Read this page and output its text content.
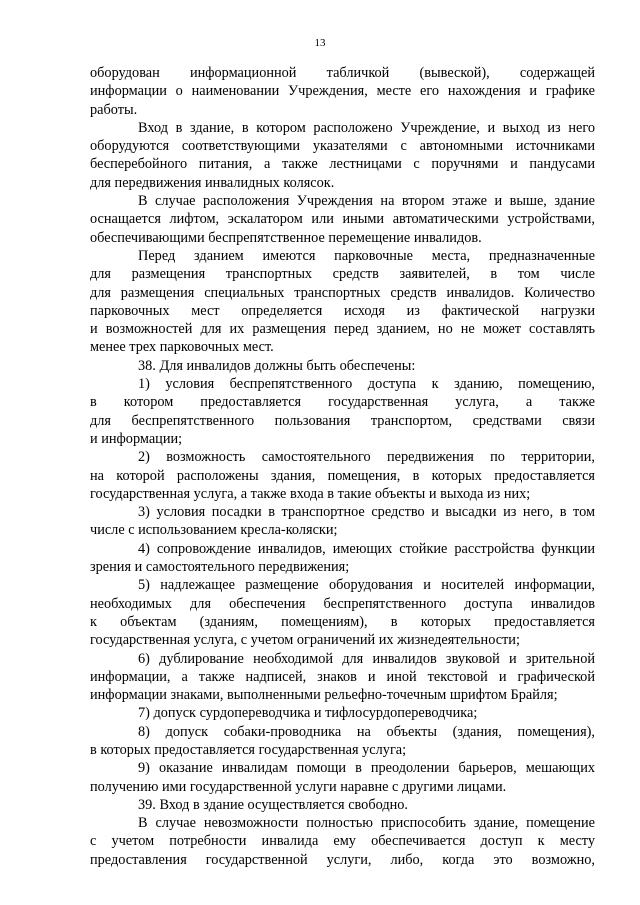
13
оборудован информационной табличкой (вывеской), содержащей
информации о наименовании Учреждения, месте его нахождения и графике
работы.
Вход в здание, в котором расположено Учреждение, и выход из него
оборудуются соответствующими указателями с автономными источниками
бесперебойного питания, а также лестницами с поручнями и пандусами
для передвижения инвалидных колясок.
В случае расположения Учреждения на втором этаже и выше, здание
оснащается лифтом, эскалатором или иными автоматическими устройствами,
обеспечивающими беспрепятственное перемещение инвалидов.
Перед зданием имеются парковочные места, предназначенные
для размещения транспортных средств заявителей, в том числе
для размещения специальных транспортных средств инвалидов. Количество
парковочных мест определяется исходя из фактической нагрузки
и возможностей для их размещения перед зданием, но не может составлять
менее трех парковочных мест.
38. Для инвалидов должны быть обеспечены:
1) условия беспрепятственного доступа к зданию, помещению,
в котором предоставляется государственная услуга, а также
для беспрепятственного пользования транспортом, средствами связи
и информации;
2) возможность самостоятельного передвижения по территории,
на которой расположены здания, помещения, в которых предоставляется
государственная услуга, а также входа в такие объекты и выхода из них;
3) условия посадки в транспортное средство и высадки из него, в том
числе с использованием кресла-коляски;
4) сопровождение инвалидов, имеющих стойкие расстройства функции
зрения и самостоятельного передвижения;
5) надлежащее размещение оборудования и носителей информации,
необходимых для обеспечения беспрепятственного доступа инвалидов
к объектам (зданиям, помещениям), в которых предоставляется
государственная услуга, с учетом ограничений их жизнедеятельности;
6) дублирование необходимой для инвалидов звуковой и зрительной
информации, а также надписей, знаков и иной текстовой и графической
информации знаками, выполненными рельефно-точечным шрифтом Брайля;
7) допуск сурдопереводчика и тифлосурдопереводчика;
8) допуск собаки-проводника на объекты (здания, помещения),
в которых предоставляется государственная услуга;
9) оказание инвалидам помощи в преодолении барьеров, мешающих
получению ими государственной услуги наравне с другими лицами.
39. Вход в здание осуществляется свободно.
В случае невозможности полностью приспособить здание, помещение
с учетом потребности инвалида ему обеспечивается доступ к месту
предоставления государственной услуги, либо, когда это возможно,
